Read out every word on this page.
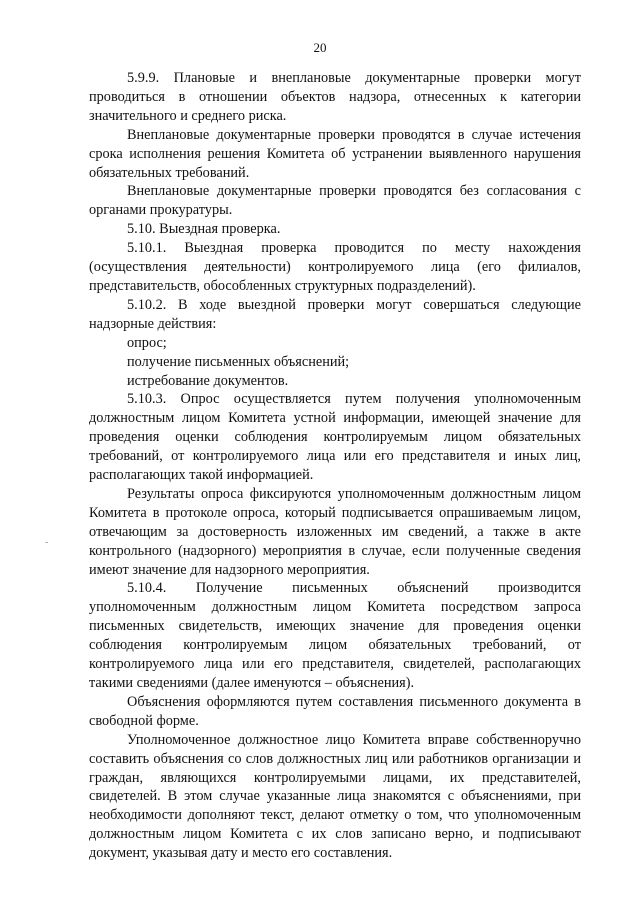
20
-

5.9.9. Плановые и внеплановые документарные проверки могут проводиться в отношении объектов надзора, отнесенных к категории значительного и среднего риска.

Внеплановые документарные проверки проводятся в случае истечения срока исполнения решения Комитета об устранении выявленного нарушения обязательных требований.

Внеплановые документарные проверки проводятся без согласования с органами прокуратуры.

5.10. Выездная проверка.

5.10.1. Выездная проверка проводится по месту нахождения (осуществления деятельности) контролируемого лица (его филиалов, представительств, обособленных структурных подразделений).

5.10.2. В ходе выездной проверки могут совершаться следующие надзорные действия:

опрос;

получение письменных объяснений;

истребование документов.

5.10.3. Опрос осуществляется путем получения уполномоченным должностным лицом Комитета устной информации, имеющей значение для проведения оценки соблюдения контролируемым лицом обязательных требований, от контролируемого лица или его представителя и иных лиц, располагающих такой информацией.

Результаты опроса фиксируются уполномоченным должностным лицом Комитета в протоколе опроса, который подписывается опрашиваемым лицом, отвечающим за достоверность изложенных им сведений, а также в акте контрольного (надзорного) мероприятия в случае, если полученные сведения имеют значение для надзорного мероприятия.

5.10.4. Получение письменных объяснений производится уполномоченным должностным лицом Комитета посредством запроса письменных свидетельств, имеющих значение для проведения оценки соблюдения контролируемым лицом обязательных требований, от контролируемого лица или его представителя, свидетелей, располагающих такими сведениями (далее именуются – объяснения).

Объяснения оформляются путем составления письменного документа в свободной форме.

Уполномоченное должностное лицо Комитета вправе собственноручно составить объяснения со слов должностных лиц или работников организации и граждан, являющихся контролируемыми лицами, их представителей, свидетелей. В этом случае указанные лица знакомятся с объяснениями, при необходимости дополняют текст, делают отметку о том, что уполномоченным должностным лицом Комитета с их слов записано верно, и подписывают документ, указывая дату и место его составления.
